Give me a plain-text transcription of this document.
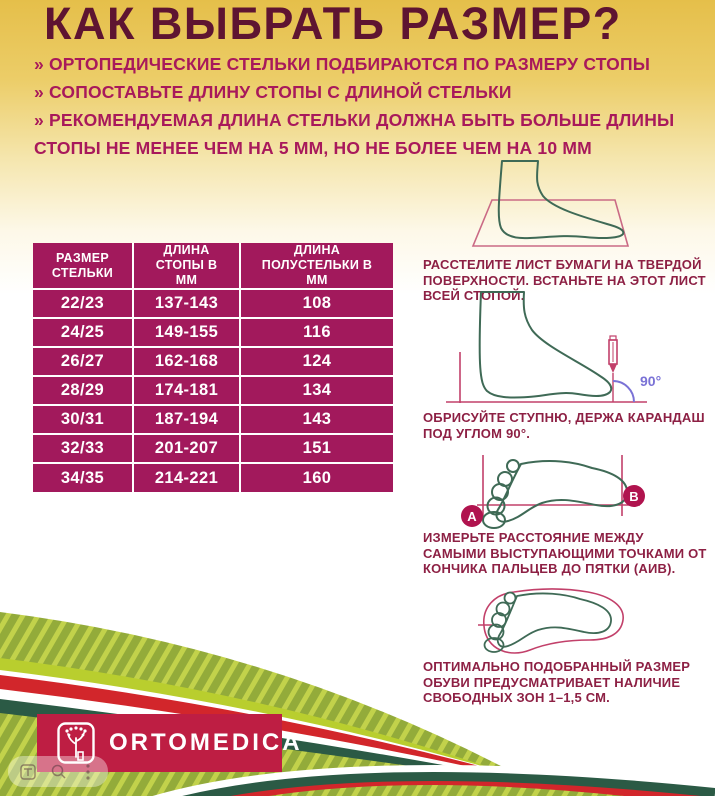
КАК ВЫБРАТЬ РАЗМЕР?
» ОРТОПЕДИЧЕСКИЕ СТЕЛЬКИ ПОДБИРАЮТСЯ ПО РАЗМЕРУ СТОПЫ
» СОПОСТАВЬТЕ ДЛИНУ СТОПЫ С ДЛИНОЙ СТЕЛЬКИ
» РЕКОМЕНДУЕМАЯ ДЛИНА СТЕЛЬКИ ДОЛЖНА БЫТЬ БОЛЬШЕ ДЛИНЫ СТОПЫ НЕ МЕНЕЕ ЧЕМ НА 5 ММ, НО НЕ БОЛЕЕ ЧЕМ НА 10 ММ
РАЗМЕР СТЕЛЬКИ	ДЛИНА СТОПЫ В ММ	ДЛИНА ПОЛУСТЕЛЬКИ В ММ
22/23	137-143	108
24/25	149-155	116
26/27	162-168	124
28/29	174-181	134
30/31	187-194	143
32/33	201-207	151
34/35	214-221	160
РАССТЕЛИТЕ ЛИСТ БУМАГИ НА ТВЕРДОЙ ПОВЕРХНОСТИ. ВСТАНЬТЕ НА ЭТОТ ЛИСТ ВСЕЙ СТОПОЙ.
90°
ОБРИСУЙТЕ СТУПНЮ, ДЕРЖА КАРАНДАШ ПОД УГЛОМ 90°.
A
B
ИЗМЕРЬТЕ РАССТОЯНИЕ МЕЖДУ САМЫМИ ВЫСТУПАЮЩИМИ ТОЧКАМИ ОТ КОНЧИКА ПАЛЬЦЕВ ДО ПЯТКИ (АИВ).
ОПТИМАЛЬНО ПОДОБРАННЫЙ РАЗМЕР ОБУВИ ПРЕДУСМАТРИВАЕТ НАЛИЧИЕ СВОБОДНЫХ ЗОН 1–1,5 СМ.
ORTOMEDICA
